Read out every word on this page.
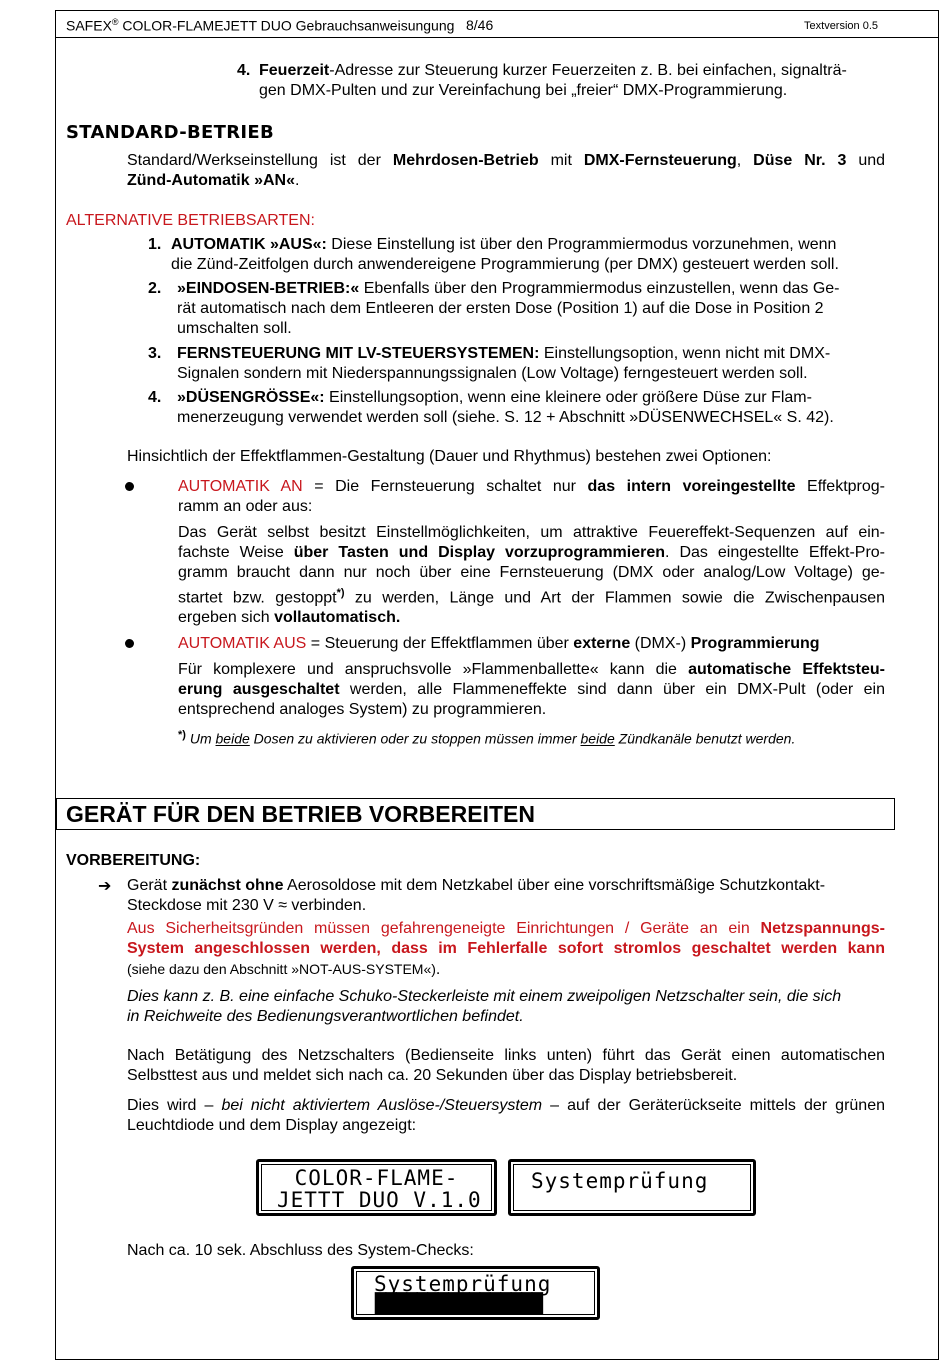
SAFEX® COLOR-FLAMEJETT DUO Gebrauchsanweisungung 8/46	Textversion 0.5
4. Feuerzeit-Adresse zur Steuerung kurzer Feuerzeiten z. B. bei einfachen, signalträ-
gen DMX-Pulten und zur Vereinfachung bei „freier“ DMX-Programmierung.
STANDARD-BETRIEB
Standard/Werkseinstellung ist der Mehrdosen-Betrieb mit DMX-Fernsteuerung, Düse Nr. 3 und
Zünd-Automatik »AN«.
ALTERNATIVE BETRIEBSARTEN:
1. AUTOMATIK »AUS«: Diese Einstellung ist über den Programmiermodus vorzunehmen, wenn
die Zünd-Zeitfolgen durch anwendereigene Programmierung (per DMX) gesteuert werden soll.
2. »EINDOSEN-BETRIEB:« Ebenfalls über den Programmiermodus einzustellen, wenn das Ge-
rät automatisch nach dem Entleeren der ersten Dose (Position 1) auf die Dose in Position 2
umschalten soll.
3. FERNSTEUERUNG MIT LV-STEUERSYSTEMEN: Einstellungsoption, wenn nicht mit DMX-
Signalen sondern mit Niederspannungssignalen (Low Voltage) ferngesteuert werden soll.
4. »DÜSENGRÖSSE«: Einstellungsoption, wenn eine kleinere oder größere Düse zur Flam-
menerzeugung verwendet werden soll (siehe. S. 12 + Abschnitt »DÜSENWECHSEL« S. 42).
Hinsichtlich der Effektflammen-Gestaltung (Dauer und Rhythmus) bestehen zwei Optionen:
AUTOMATIK AN = Die Fernsteuerung schaltet nur das intern voreingestellte Effektprog-
ramm an oder aus:
Das Gerät selbst besitzt Einstellmöglichkeiten, um attraktive Feuereffekt-Sequenzen auf ein-
fachste Weise über Tasten und Display vorzuprogrammieren. Das eingestellte Effekt-Pro-
gramm braucht dann nur noch über eine Fernsteuerung (DMX oder analog/Low Voltage) ge-
startet bzw. gestoppt*) zu werden, Länge und Art der Flammen sowie die Zwischenpausen
ergeben sich vollautomatisch.
AUTOMATIK AUS = Steuerung der Effektflammen über externe (DMX-) Programmierung
Für komplexere und anspruchsvolle »Flammenballette« kann die automatische Effektsteu-
erung ausgeschaltet werden, alle Flammeneffekte sind dann über ein DMX-Pult (oder ein
entsprechend analoges System) zu programmieren.
*) Um beide Dosen zu aktivieren oder zu stoppen müssen immer beide Zündkanäle benutzt werden.
GERÄT FÜR DEN BETRIEB VORBEREITEN
VORBEREITUNG:
➔ Gerät zunächst ohne Aerosoldose mit dem Netzkabel über eine vorschriftsmäßige Schutzkontakt-
Steckdose mit 230 V ≈ verbinden.
Aus Sicherheitsgründen müssen gefahrengeneigte Einrichtungen / Geräte an ein Netzspannungs-
System angeschlossen werden, dass im Fehlerfalle sofort stromlos geschaltet werden kann
(siehe dazu den Abschnitt »NOT-AUS-SYSTEM«).
Dies kann z. B. eine einfache Schuko-Steckerleiste mit einem zweipoligen Netzschalter sein, die sich
in Reichweite des Bedienungsverantwortlichen befindet.
Nach Betätigung des Netzschalters (Bedienseite links unten) führt das Gerät einen automatischen
Selbsttest aus und meldet sich nach ca. 20 Sekunden über das Display betriebsbereit.
Dies wird – bei nicht aktiviertem Auslöse-/Steuersystem – auf der Geräterückseite mittels der grünen
Leuchtdiode und dem Display angezeigt:
COLOR-FLAME-
JETTT DUO V.1.0
Systemprüfung
Nach ca. 10 sek. Abschluss des System-Checks:
Systemprüfung
████████████████
